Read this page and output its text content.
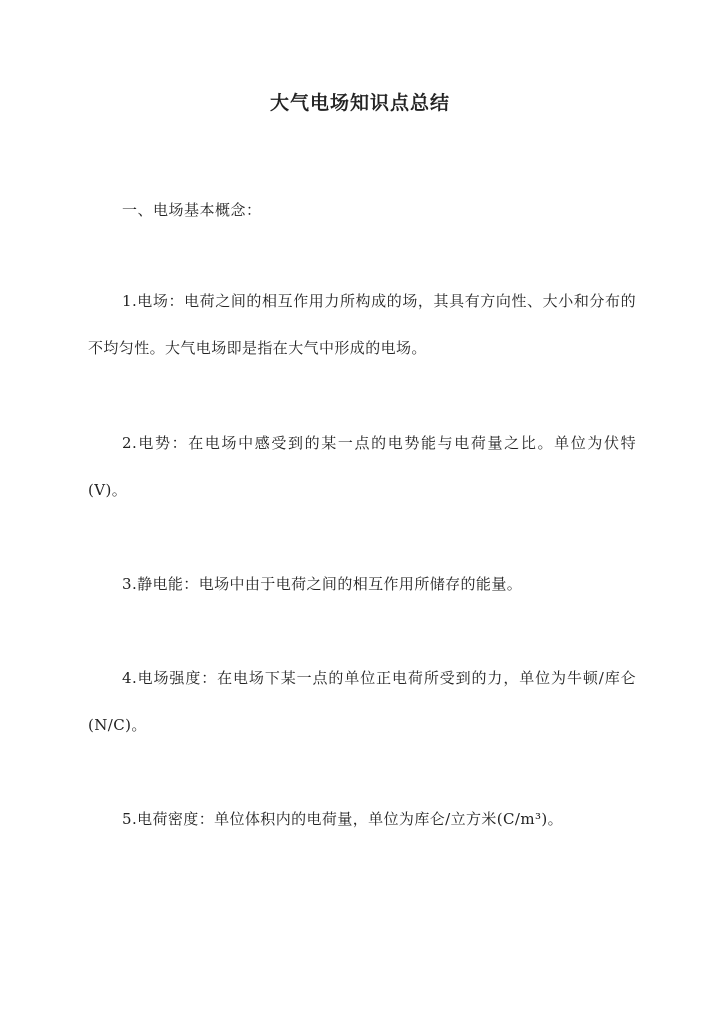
大气电场知识点总结
一、电场基本概念：
1.电场：电荷之间的相互作用力所构成的场，其具有方向性、大小和分布的不均匀性。大气电场即是指在大气中形成的电场。
2.电势：在电场中感受到的某一点的电势能与电荷量之比。单位为伏特(V)。
3.静电能：电场中由于电荷之间的相互作用所储存的能量。
4.电场强度：在电场下某一点的单位正电荷所受到的力，单位为牛顿/库仑(N/C)。
5.电荷密度：单位体积内的电荷量，单位为库仑/立方米(C/m³)。
